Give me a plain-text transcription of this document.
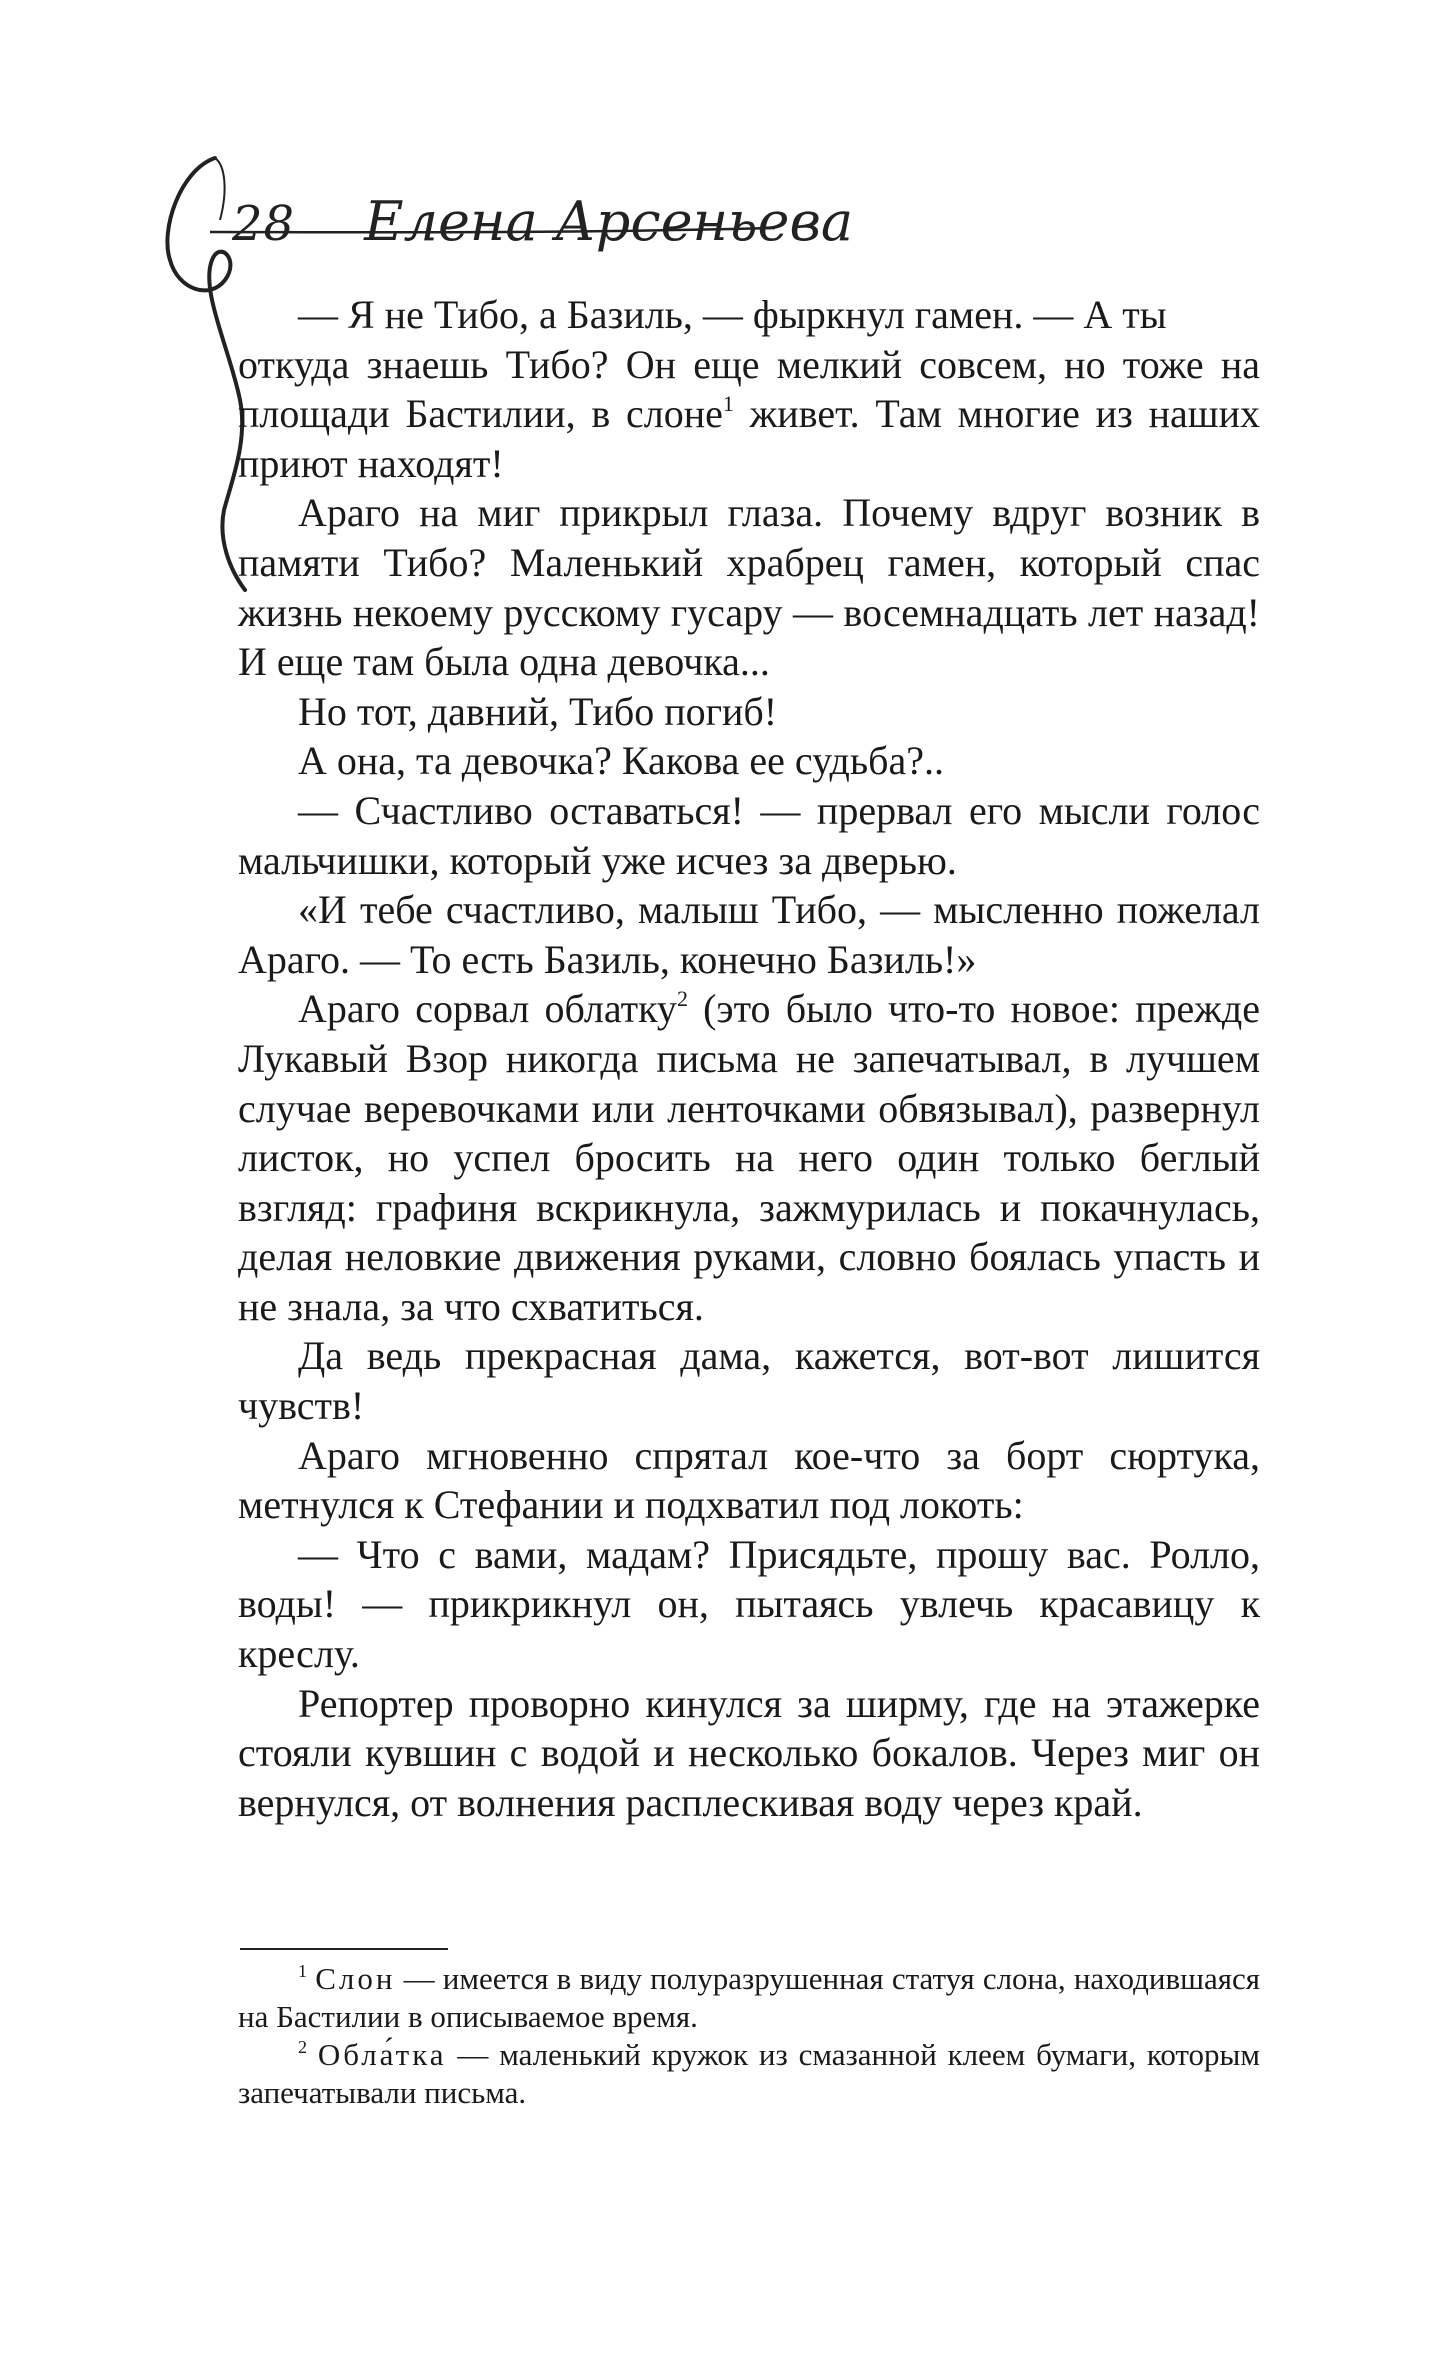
28 Елена Арсеньева

— Я не Тибо, а Базиль, — фыркнул гамен. — А ты

откуда знаешь Тибо? Он еще мелкий совсем, но тоже на площади Бастилии, в слоне$^1$ живет. Там многие из наших приют находят!

Араго на миг прикрыл глаза. Почему вдруг возник в памяти Тибо? Маленький храбрец гамен, который спас жизнь некоему русскому гусару — восемнадцать лет назад! И еще там была одна девочка...

Но тот, давний, Тибо погиб!

А она, та девочка? Какова ее судьба?..

— Счастливо оставаться! — прервал его мысли голос мальчишки, который уже исчез за дверью.

«И тебе счастливо, малыш Тибо, — мысленно пожелал Араго. — То есть Базиль, конечно Базиль!»

Араго сорвал облатку$^2$ (это было что-то новое: прежде Лукавый Взор никогда письма не запечатывал, в лучшем случае веревочками или ленточками обвязывал), развернул листок, но успел бросить на него один только беглый взгляд: графиня вскрикнула, зажмурилась и покачнулась, делая неловкие движения руками, словно боялась упасть и не знала, за что схватиться.

Да ведь прекрасная дама, кажется, вот-вот лишится чувств!

Араго мгновенно спрятал кое-что за борт сюртука, метнулся к Стефании и подхватил под локоть:

— Что с вами, мадам? Присядьте, прошу вас. Ролло, воды! — прикрикнул он, пытаясь увлечь красавицу к креслу.

Репортер проворно кинулся за ширму, где на этажерке стояли кувшин с водой и несколько бокалов. Через миг он вернулся, от волнения расплескивая воду через край.

$^1$ Слон — имеется в виду полуразрушенная статуя слона, находившаяся на Бастилии в описываемое время.

$^2$ Обла́тка — маленький кружок из смазанной клеем бумаги, которым запечатывали письма.
